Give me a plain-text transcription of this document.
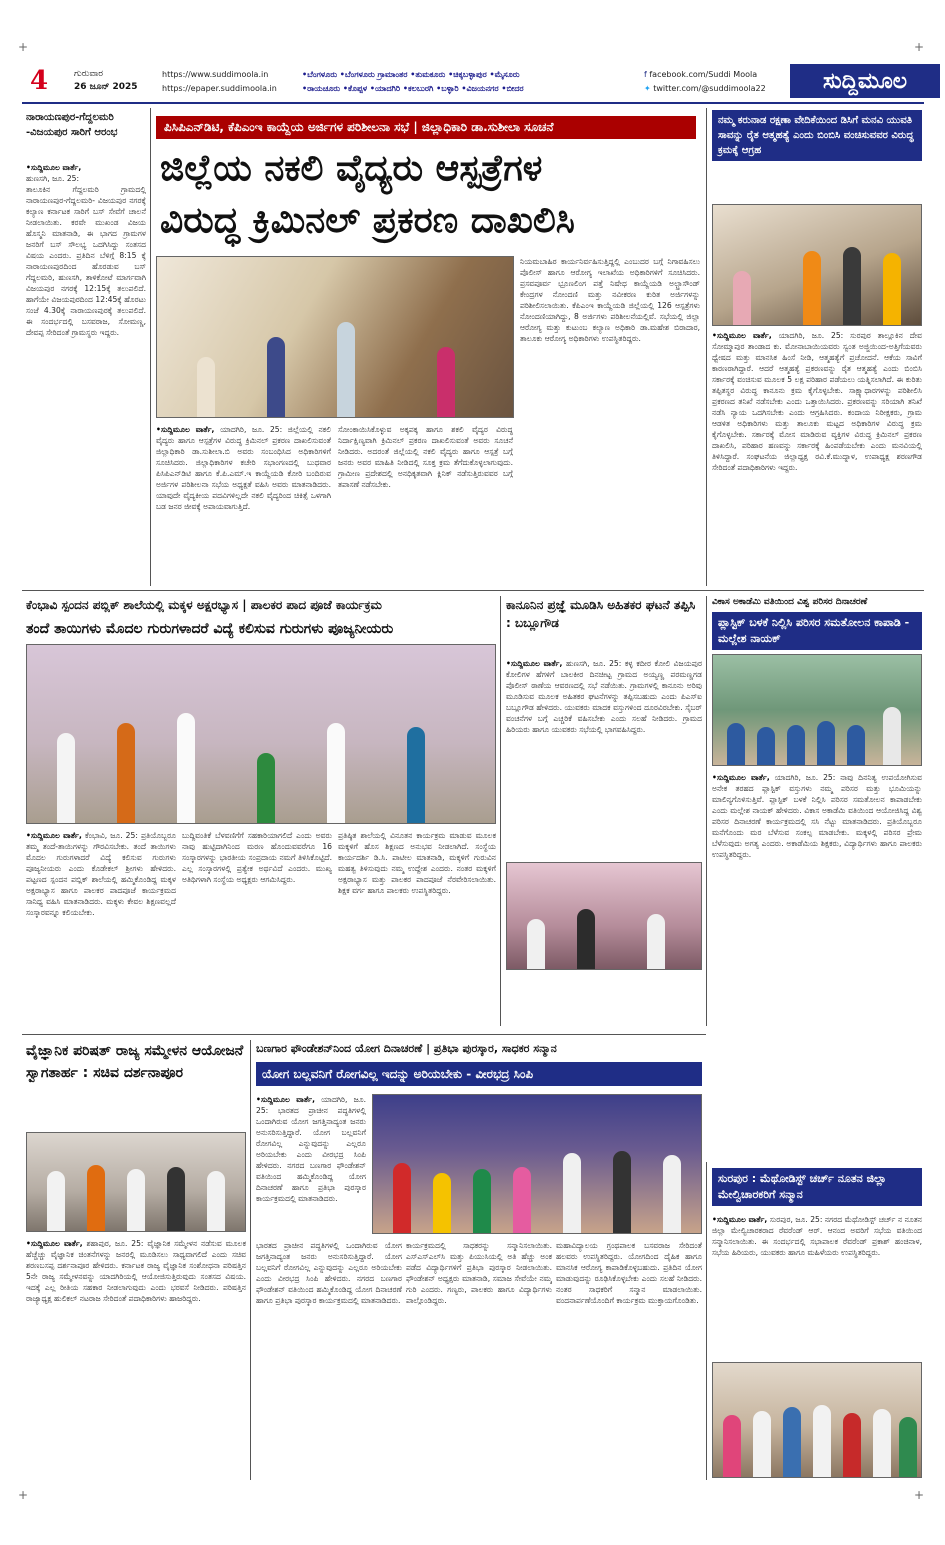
+	+
+	+
4	ಗುರುವಾರ
26 ಜೂನ್ 2025
https://www.suddimoola.in
https://epaper.suddimoola.in
•ಬೆಂಗಳೂರು •ಬೆಂಗಳೂರು ಗ್ರಾಮಾಂತರ •ತುಮಕೂರು •ಚಿಕ್ಕಬಳ್ಳಾಪುರ •ಮೈಸೂರು
•ರಾಯಚೂರು •ಕೊಪ್ಪಳ •ಯಾದಗಿರಿ •ಕಲಬುರಗಿ •ಬಳ್ಳಾರಿ •ವಿಜಯನಗರ •ಬೀದರ
f facebook.com/Suddi Moola
✦ twitter.com/@suddimoola22	ಸುದ್ದಿಮೂಲ
ನಾರಾಯಣಪುರ-ಗೆದ್ದಲಮರಿ -ವಿಜಯಪುರ ಸಾರಿಗೆ ಆರಂಭ
•ಸುದ್ದಿಮೂಲ ವಾರ್ತೆ,
ಹುಣಸಗಿ, ಜೂ. 25:
ತಾಲೂಕಿನ ಗೆದ್ದಲಮರಿ ಗ್ರಾಮದಲ್ಲಿ ನಾರಾಯಣಪುರ-ಗೆದ್ದಲಮರಿ- ವಿಜಯಪುರ ನಗರಕ್ಕೆ ಕಲ್ಯಾಣ ಕರ್ನಾಟಕ ಸಾರಿಗೆ ಬಸ್ ಸೇವೆಗೆ ಚಾಲನೆ ನೀಡಲಾಯಿತು. ಕರವೇ ಮುಖಂಡ ವಿಜಯ ಹೊಸ್ಮನಿ ಮಾತನಾಡಿ, ಈ ಭಾಗದ ಗ್ರಾಮಗಳ ಜನರಿಗೆ ಬಸ್ ಸೌಲಭ್ಯ ಒದಗಿಸಿದ್ದು ಸಂತಸದ ವಿಷಯ ಎಂದರು. ಪ್ರತಿದಿನ ಬೆಳಿಗ್ಗೆ 8:15 ಕ್ಕೆ ನಾರಾಯಣಪುರದಿಂದ ಹೊರಡುವ ಬಸ್ ಗೆದ್ದಲಮರಿ, ಹುಣಸಗಿ, ತಾಳಿಕೋಟೆ ಮಾರ್ಗವಾಗಿ ವಿಜಯಪುರ ನಗರಕ್ಕೆ 12:15ಕ್ಕೆ ತಲುಪಲಿದೆ. ಹಾಗೆಯೇ ವಿಜಯಪುರದಿಂದ 12:45ಕ್ಕೆ ಹೊರಟು ಸಂಜೆ 4.30ಕ್ಕೆ ನಾರಾಯಣಪುರಕ್ಕೆ ತಲುಪಲಿದೆ. ಈ ಸಂದರ್ಭದಲ್ಲಿ ಬಸವರಾಜ, ಸೋಮಣ್ಣ, ದೇವಪ್ಪ ಸೇರಿದಂತೆ ಗ್ರಾಮಸ್ಥರು ಇದ್ದರು.
ಪಿಸಿಪಿಎನ್‌ಡಿಟಿ, ಕೆಪಿಎಂಇ ಕಾಯ್ದೆಯ ಅರ್ಜಿಗಳ ಪರಿಶೀಲನಾ ಸಭೆ | ಜಿಲ್ಲಾಧಿಕಾರಿ ಡಾ.ಸುಶೀಲಾ ಸೂಚನೆ
ಜಿಲ್ಲೆಯ ನಕಲಿ ವೈದ್ಯರು ಆಸ್ಪತ್ರೆಗಳ
ವಿರುದ್ಧ ಕ್ರಿಮಿನಲ್ ಪ್ರಕರಣ ದಾಖಲಿಸಿ
•ಸುದ್ದಿಮೂಲ ವಾರ್ತೆ, ಯಾದಗಿರಿ, ಜೂ. 25: ಜಿಲ್ಲೆಯಲ್ಲಿ ನಕಲಿ ವೈದ್ಯರು ಹಾಗೂ ಆಸ್ಪತ್ರೆಗಳ ವಿರುದ್ಧ ಕ್ರಿಮಿನಲ್ ಪ್ರಕರಣ ದಾಖಲಿಸುವಂತೆ ಜಿಲ್ಲಾಧಿಕಾರಿ ಡಾ.ಸುಶೀಲಾ.ಬಿ ಅವರು ಸಂಬಂಧಿಸಿದ ಅಧಿಕಾರಿಗಳಿಗೆ ಸೂಚಿಸಿದರು. ಜಿಲ್ಲಾಧಿಕಾರಿಗಳ ಕಚೇರಿ ಸಭಾಂಗಣದಲ್ಲಿ ಬುಧವಾರ ಪಿಸಿಪಿಎನ್‌ಡಿಟಿ ಹಾಗೂ ಕೆ.ಪಿ.ಎಮ್.ಇ ಕಾಯ್ದೆಯಡಿ ಕೋರಿ ಬಂದಿರುವ ಅರ್ಜಿಗಳ ಪರಿಶೀಲನಾ ಸಭೆಯ ಅಧ್ಯಕ್ಷತೆ ವಹಿಸಿ ಅವರು ಮಾತನಾಡಿದರು. ಯಾವುದೇ ವೈದ್ಯಕೀಯ ಪದವಿಗಳಿಲ್ಲದೇ ನಕಲಿ ವೈದ್ಯರಿಂದ ಚಿಕಿತ್ಸೆ ಒಳಗಾಗಿ ಬಡ ಜನರ ಜೀವಕ್ಕೆ ಅಪಾಯವಾಗುತ್ತಿದೆ.
ಸೋಂಕಾಯಿಸಿಕೊಳ್ಳುವ ಅಕ್ಕಪಕ್ಕ ಹಾಗೂ ಶಕಲಿ ವೈದ್ಯರ ವಿರುದ್ಧ ನಿರ್ದಾಕ್ಷಿಣ್ಯವಾಗಿ ಕ್ರಿಮಿನಲ್ ಪ್ರಕರಣ ದಾಖಲಿಸುವಂತೆ ಅವರು ಸೂಚನೆ ನೀಡಿದರು. ಅದರಂತೆ ಜಿಲ್ಲೆಯಲ್ಲಿ ನಕಲಿ ವೈದ್ಯರು ಹಾಗೂ ಆಸ್ಪತ್ರೆ ಬಗ್ಗೆ ಜನರು ಅವರ ಮಾಹಿತಿ ನೀಡಿದಲ್ಲಿ ಸೂಕ್ತ ಕ್ರಮ ತೆಗೆದುಕೊಳ್ಳಲಾಗುವುದು. ಗ್ರಾಮೀಣ ಪ್ರದೇಶದಲ್ಲಿ ಅನಧಿಕೃತವಾಗಿ ಕ್ಲಿನಿಕ್ ನಡೆಸುತ್ತಿರುವವರ ಬಗ್ಗೆ ತಪಾಸಣೆ ನಡೆಸಬೇಕು.
ನಿಯಮಬಾಹಿರ ಕಾರ್ಯನಿರ್ವಹಿಸುತ್ತಿದ್ದಲ್ಲಿ ಎಂಬುದರ ಬಗ್ಗೆ ನಿಗಾವಹಿಸಲು ಪೊಲೀಸ್ ಹಾಗೂ ಆರೋಗ್ಯ ಇಲಾಖೆಯ ಅಧಿಕಾರಿಗಳಿಗೆ ಸೂಚಿಸಿದರು. ಪ್ರಸವಪೂರ್ವ ಭ್ರೂಣಲಿಂಗ ಪತ್ತೆ ನಿಷೇಧ ಕಾಯ್ದೆಯಡಿ ಅಲ್ಟ್ರಾಸೌಂಡ್ ಕೇಂದ್ರಗಳ ನೋಂದಣಿ ಮತ್ತು ನವೀಕರಣ ಕುರಿತ ಅರ್ಜಿಗಳನ್ನು ಪರಿಶೀಲಿಸಲಾಯಿತು. ಕೆಪಿಎಂಇ ಕಾಯ್ದೆಯಡಿ ಜಿಲ್ಲೆಯಲ್ಲಿ 126 ಆಸ್ಪತ್ರೆಗಳು ನೋಂದಣಿಯಾಗಿದ್ದು, 8 ಅರ್ಜಿಗಳು ಪರಿಶೀಲನೆಯಲ್ಲಿವೆ. ಸಭೆಯಲ್ಲಿ ಜಿಲ್ಲಾ ಆರೋಗ್ಯ ಮತ್ತು ಕುಟುಂಬ ಕಲ್ಯಾಣ ಅಧಿಕಾರಿ ಡಾ.ಮಹೇಶ ಬಿರಾದಾರ, ತಾಲೂಕು ಆರೋಗ್ಯ ಅಧಿಕಾರಿಗಳು ಉಪಸ್ಥಿತರಿದ್ದರು.
ನಮ್ಮ ಕರುನಾಡ ರಕ್ಷಣಾ ವೇದಿಕೆಯಿಂದ ಡಿಸಿಗೆ ಮನವಿ ಯುವತಿ ಸಾವನ್ನು ರೈತ ಆತ್ಮಹತ್ಯೆ ಎಂದು ಬಿಂಬಿಸಿ ವಂಚಿಸುವವರ ವಿರುದ್ಧ ಕ್ರಮಕ್ಕೆ ಆಗ್ರಹ
•ಸುದ್ದಿಮೂಲ ವಾರ್ತೆ, ಯಾದಗಿರಿ, ಜೂ. 25: ಸುರಪುರ ತಾಲ್ಲೂಕಿನ ದೇವ ಸೋಮ್ಮಾಪುರ ತಾಂಡಾದ ಕು. ಮೋನಾಬಾಯಿಯವರು ಸ್ವಂತ ಅಜ್ಜಿಯಿಂದ-ಅತ್ತಿಗೆಯವರು ಧ್ವೇಷದ ಮತ್ತು ಮಾನಸಿಕ ಹಿಂಸೆ ನೀಡಿ, ಆತ್ಮಹತ್ಯೆಗೆ ಪ್ರಚೋದನೆ. ಆಕೆಯ ಸಾವಿಗೆ ಕಾರಣರಾಗಿದ್ದಾರೆ. ಆದರೆ ಆತ್ಮಹತ್ಯೆ ಪ್ರಕರಣವನ್ನು ರೈತ ಆತ್ಮಹತ್ಯೆ ಎಂದು ಬಿಂಬಿಸಿ ಸರ್ಕಾರಕ್ಕೆ ವಂಚಿಸುವ ಮೂಲಕ 5 ಲಕ್ಷ ಪರಿಹಾರ ಪಡೆಯಲು ಯತ್ನಿಸಲಾಗಿದೆ. ಈ ಕುರಿತು ತಪ್ಪಿತಸ್ಥರ ವಿರುದ್ಧ ಕಾನೂನು ಕ್ರಮ ಕೈಗೊಳ್ಳಬೇಕು. ಸಾಕ್ಷ್ಯಾಧಾರಗಳನ್ನು ಪರಿಶೀಲಿಸಿ ಪ್ರಕರಣದ ತನಿಖೆ ನಡೆಸಬೇಕು ಎಂದು ಒತ್ತಾಯಿಸಿದರು. ಪ್ರಕರಣವನ್ನು ಸರಿಯಾಗಿ ತನಿಖೆ ನಡೆಸಿ ನ್ಯಾಯ ಒದಗಿಸಬೇಕು ಎಂದು ಆಗ್ರಹಿಸಿದರು. ಕಂದಾಯ ನಿರೀಕ್ಷಕರು, ಗ್ರಾಮ ಆಡಳಿತ ಅಧಿಕಾರಿಗಳು ಮತ್ತು ತಾಲೂಕು ಮಟ್ಟದ ಅಧಿಕಾರಿಗಳ ವಿರುದ್ಧ ಕ್ರಮ ಕೈಗೊಳ್ಳಬೇಕು. ಸರ್ಕಾರಕ್ಕೆ ಮೋಸ ಮಾಡಿರುವ ವ್ಯಕ್ತಿಗಳ ವಿರುದ್ಧ ಕ್ರಿಮಿನಲ್ ಪ್ರಕರಣ ದಾಖಲಿಸಿ, ಪರಿಹಾರ ಹಣವನ್ನು ಸರ್ಕಾರಕ್ಕೆ ಹಿಂಪಡೆಯಬೇಕು ಎಂದು ಮನವಿಯಲ್ಲಿ ತಿಳಿಸಿದ್ದಾರೆ. ಸಂಘಟನೆಯ ಜಿಲ್ಲಾಧ್ಯಕ್ಷ ರವಿ.ಕೆ.ಮುದ್ನಾಳ, ಉಪಾಧ್ಯಕ್ಷ ಶರಣಗೌಡ ಸೇರಿದಂತೆ ಪದಾಧಿಕಾರಿಗಳು ಇದ್ದರು.
ಕೆಂಭಾವಿ ಸ್ಪಂದನ ಪಬ್ಲಿಕ್ ಶಾಲೆಯಲ್ಲಿ ಮಕ್ಕಳ ಅಕ್ಷರಭ್ಯಾಸ | ಪಾಲಕರ ಪಾದ ಪೂಜೆ ಕಾರ್ಯಕ್ರಮ
ತಂದೆ ತಾಯಿಗಳು ಮೊದಲ ಗುರುಗಳಾದರೆ ವಿದ್ಯೆ ಕಲಿಸುವ ಗುರುಗಳು ಪೂಜ್ಯನೀಯರು
•ಸುದ್ದಿಮೂಲ ವಾರ್ತೆ, ಕೆಂಭಾವಿ, ಜೂ. 25: ಪ್ರತಿಯೊಬ್ಬರೂ ತಮ್ಮ ತಂದೆ-ತಾಯಿಗಳನ್ನು ಗೌರವಿಸಬೇಕು. ತಂದೆ ತಾಯಿಗಳು ಮೊದಲ ಗುರುಗಳಾದರೆ ವಿದ್ಯೆ ಕಲಿಸುವ ಗುರುಗಳು ಪೂಜ್ಯನೀಯರು ಎಂದು ಕೊಡೇಕಲ್ ಶ್ರೀಗಳು ಹೇಳಿದರು. ಪಟ್ಟಣದ ಸ್ಪಂದನ ಪಬ್ಲಿಕ್ ಶಾಲೆಯಲ್ಲಿ ಹಮ್ಮಿಕೊಂಡಿದ್ದ ಮಕ್ಕಳ ಅಕ್ಷರಾಭ್ಯಾಸ ಹಾಗೂ ಪಾಲಕರ ಪಾದಪೂಜೆ ಕಾರ್ಯಕ್ರಮದ ಸಾನಿಧ್ಯ ವಹಿಸಿ ಮಾತನಾಡಿದರು. ಮಕ್ಕಳು ಕೇವಲ ಶಿಕ್ಷಣವಲ್ಲದೆ ಸಂಸ್ಕಾರವನ್ನೂ ಕಲಿಯಬೇಕು.
ಬುದ್ದಿವಂತಿಕೆ ಬೆಳವಣಿಗೆಗೆ ಸಹಕಾರಿಯಾಗಲಿದೆ ಎಂದು ಅವರು ನಾವು ಹುಟ್ಟಿದಾಗಿನಿಂದ ಮರಣ ಹೊಂದುವವರೆಗೂ 16 ಸಂಸ್ಕಾರಗಳನ್ನು ಭಾರತೀಯ ಸಂಪ್ರದಾಯ ನಮಗೆ ತಿಳಿಸಿಕೊಟ್ಟಿದೆ. ಎಲ್ಲ ಸಂಸ್ಕಾರಗಳಲ್ಲಿ ಪ್ರತ್ಯೇಕ ಅರ್ಥವಿದೆ ಎಂದರು. ಮುಖ್ಯ ಅತಿಥಿಗಳಾಗಿ ಸಂಸ್ಥೆಯ ಅಧ್ಯಕ್ಷರು ಆಗಮಿಸಿದ್ದರು.
ಪ್ರತಿಷ್ಠಿತ ಶಾಲೆಯಲ್ಲಿ ವಿನೂತನ ಕಾರ್ಯಕ್ರಮ ಮಾಡುವ ಮೂಲಕ ಮಕ್ಕಳಿಗೆ ಹೊಸ ಶಿಕ್ಷಣದ ಅನುಭವ ನೀಡಲಾಗಿದೆ. ಸಂಸ್ಥೆಯ ಕಾರ್ಯದರ್ಶಿ ಡಿ.ಸಿ. ಪಾಟೀಲ ಮಾತನಾಡಿ, ಮಕ್ಕಳಿಗೆ ಗುರುವಿನ ಮಹತ್ವ ತಿಳಿಸುವುದು ನಮ್ಮ ಉದ್ದೇಶ ಎಂದರು. ನಂತರ ಮಕ್ಕಳಿಗೆ ಅಕ್ಷರಾಭ್ಯಾಸ ಮತ್ತು ಪಾಲಕರ ಪಾದಪೂಜೆ ನೆರವೇರಿಸಲಾಯಿತು. ಶಿಕ್ಷಕ ವರ್ಗ ಹಾಗೂ ಪಾಲಕರು ಉಪಸ್ಥಿತರಿದ್ದರು.
ಕಾನೂನಿನ ಪ್ರಜ್ಞೆ ಮೂಡಿಸಿ ಅಹಿತಕರ ಘಟನೆ ತಪ್ಪಿಸಿ : ಬಬ್ಲೂಗೌಡ
•ಸುದ್ದಿಮೂಲ ವಾರ್ತೆ, ಹುಣಸಗಿ, ಜೂ. 25: ಕಳ್ಳ ಕದೀರ ಕೋಲಿ ವಿಜಯಪುರ ಕೋಲಿಗಳ ಹೆಗಳಿಗೆ ಬಾಲಕೀರ ದಿನಚೀಟ್ಟ ಗ್ರಾಮದ ಅಯ್ಯಣ್ಣ ಪರಮಣ್ಣಗಡ ಪೊಲೀಸ್ ಠಾಣೆಯ ಆವರಣದಲ್ಲಿ ಸಭೆ ನಡೆಯಿತು. ಗ್ರಾಮಗಳಲ್ಲಿ ಕಾನೂನು ಅರಿವು ಮೂಡಿಸುವ ಮೂಲಕ ಅಹಿತಕರ ಘಟನೆಗಳನ್ನು ತಪ್ಪಿಸಬಹುದು ಎಂದು ಪಿಎಸ್ಐ ಬಬ್ಲೂಗೌಡ ಹೇಳಿದರು. ಯುವಕರು ಮಾದಕ ವಸ್ತುಗಳಿಂದ ದೂರವಿರಬೇಕು. ಸೈಬರ್ ವಂಚನೆಗಳ ಬಗ್ಗೆ ಎಚ್ಚರಿಕೆ ವಹಿಸಬೇಕು ಎಂದು ಸಲಹೆ ನೀಡಿದರು. ಗ್ರಾಮದ ಹಿರಿಯರು ಹಾಗೂ ಯುವಕರು ಸಭೆಯಲ್ಲಿ ಭಾಗವಹಿಸಿದ್ದರು.
ವಿಕಾಸ ಅಕಾಡೆಮಿ ವತಿಯಿಂದ ವಿಶ್ವ ಪರಿಸರ ದಿನಾಚರಣೆ
ಪ್ಲಾಸ್ಟಿಕ್ ಬಳಕೆ ನಿಲ್ಲಿಸಿ ಪರಿಸರ ಸಮತೋಲನ ಕಾಪಾಡಿ - ಮಲ್ಲೇಶ ನಾಯಕ್
•ಸುದ್ದಿಮೂಲ ವಾರ್ತೆ, ಯಾದಗಿರಿ, ಜೂ. 25: ನಾವು ದಿನನಿತ್ಯ ಉಪಯೋಗಿಸುವ ಅನೇಕ ತರಹದ ಪ್ಲಾಸ್ಟಿಕ್ ವಸ್ತುಗಳು ನಮ್ಮ ಪರಿಸರ ಮತ್ತು ಭೂಮಿಯನ್ನು ಮಾಲಿನ್ಯಗೊಳಿಸುತ್ತಿವೆ. ಪ್ಲಾಸ್ಟಿಕ್ ಬಳಕೆ ನಿಲ್ಲಿಸಿ ಪರಿಸರ ಸಮತೋಲನ ಕಾಪಾಡಬೇಕು ಎಂದು ಮಲ್ಲೇಶ ನಾಯಕ್ ಹೇಳಿದರು. ವಿಕಾಸ ಅಕಾಡೆಮಿ ವತಿಯಿಂದ ಆಯೋಜಿಸಿದ್ದ ವಿಶ್ವ ಪರಿಸರ ದಿನಾಚರಣೆ ಕಾರ್ಯಕ್ರಮದಲ್ಲಿ ಸಸಿ ನೆಟ್ಟು ಮಾತನಾಡಿದರು. ಪ್ರತಿಯೊಬ್ಬರೂ ಮನೆಗೊಂದು ಮರ ಬೆಳೆಸುವ ಸಂಕಲ್ಪ ಮಾಡಬೇಕು. ಮಕ್ಕಳಲ್ಲಿ ಪರಿಸರ ಪ್ರೇಮ ಬೆಳೆಸುವುದು ಅಗತ್ಯ ಎಂದರು. ಅಕಾಡೆಮಿಯ ಶಿಕ್ಷಕರು, ವಿದ್ಯಾರ್ಥಿಗಳು ಹಾಗೂ ಪಾಲಕರು ಉಪಸ್ಥಿತರಿದ್ದರು.
ವೈಜ್ಞಾನಿಕ ಪರಿಷತ್ ರಾಜ್ಯ ಸಮ್ಮೇಳನ ಆಯೋಜನೆ ಸ್ವಾಗತಾರ್ಹ : ಸಚಿವ ದರ್ಶನಾಪೂರ
•ಸುದ್ದಿಮೂಲ ವಾರ್ತೆ, ಶಹಾಪುರ, ಜೂ. 25: ವೈಜ್ಞಾನಿಕ ಸಮ್ಮೇಳನ ನಡೆಸುವ ಮೂಲಕ ಹೆಚ್ಚೆಚ್ಚು ವೈಜ್ಞಾನಿಕ ಚಿಂತನೆಗಳನ್ನು ಜನರಲ್ಲಿ ಮೂಡಿಸಲು ಸಾಧ್ಯವಾಗಲಿದೆ ಎಂದು ಸಚಿವ ಶರಣಬಸಪ್ಪ ದರ್ಶನಾಪೂರ ಹೇಳಿದರು. ಕರ್ನಾಟಕ ರಾಜ್ಯ ವೈಜ್ಞಾನಿಕ ಸಂಶೋಧನಾ ಪರಿಷತ್ತಿನ 5ನೇ ರಾಜ್ಯ ಸಮ್ಮೇಳನವನ್ನು ಯಾದಗಿರಿಯಲ್ಲಿ ಆಯೋಜಿಸುತ್ತಿರುವುದು ಸಂತಸದ ವಿಷಯ. ಇದಕ್ಕೆ ಎಲ್ಲ ರೀತಿಯ ಸಹಕಾರ ನೀಡಲಾಗುವುದು ಎಂದು ಭರವಸೆ ನೀಡಿದರು. ಪರಿಷತ್ತಿನ ರಾಜ್ಯಾಧ್ಯಕ್ಷ ಹುಲಿಕಲ್ ನಟರಾಜ ಸೇರಿದಂತೆ ಪದಾಧಿಕಾರಿಗಳು ಹಾಜರಿದ್ದರು.
ಬಣಗಾರ ಫೌಂಡೇಶನ್‌ನಿಂದ ಯೋಗ ದಿನಾಚರಣೆ | ಪ್ರತಿಭಾ ಪುರಸ್ಕಾರ, ಸಾಧಕರ ಸನ್ಮಾನ
ಯೋಗ ಬಲ್ಲವನಿಗೆ ರೋಗವಿಲ್ಲ ಇದನ್ನು ಅರಿಯಬೇಕು - ವೀರಭದ್ರ ಸಿಂಪಿ
•ಸುದ್ದಿಮೂಲ ವಾರ್ತೆ, ಯಾದಗಿರಿ, ಜೂ. 25: ಭಾರತದ ಪ್ರಾಚೀನ ಪದ್ಧತಿಗಳಲ್ಲಿ ಒಂದಾಗಿರುವ ಯೋಗ ಜಗತ್ತಿನಾದ್ಯಂತ ಜನರು ಅನುಸರಿಸುತ್ತಿದ್ದಾರೆ. ಯೋಗ ಬಲ್ಲವನಿಗೆ ರೋಗವಿಲ್ಲ ಎನ್ನುವುದನ್ನು ಎಲ್ಲರೂ ಅರಿಯಬೇಕು ಎಂದು ವೀರಭದ್ರ ಸಿಂಪಿ ಹೇಳಿದರು. ನಗರದ ಬಣಗಾರ ಫೌಂಡೇಶನ್ ವತಿಯಿಂದ ಹಮ್ಮಿಕೊಂಡಿದ್ದ ಯೋಗ ದಿನಾಚರಣೆ ಹಾಗೂ ಪ್ರತಿಭಾ ಪುರಸ್ಕಾರ ಕಾರ್ಯಕ್ರಮದಲ್ಲಿ ಮಾತನಾಡಿದರು.
ಭಾರತದ ಪ್ರಾಚೀನ ಪದ್ಧತಿಗಳಲ್ಲಿ ಒಂದಾಗಿರುವ ಯೋಗ ಜಗತ್ತಿನಾದ್ಯಂತ ಜನರು ಅನುಸರಿಸುತ್ತಿದ್ದಾರೆ. ಯೋಗ ಬಲ್ಲವನಿಗೆ ರೋಗವಿಲ್ಲ ಎನ್ನುವುದನ್ನು ಎಲ್ಲರೂ ಅರಿಯಬೇಕು ಎಂದು ವೀರಭದ್ರ ಸಿಂಪಿ ಹೇಳಿದರು. ನಗರದ ಬಣಗಾರ ಫೌಂಡೇಶನ್ ವತಿಯಿಂದ ಹಮ್ಮಿಕೊಂಡಿದ್ದ ಯೋಗ ದಿನಾಚರಣೆ ಹಾಗೂ ಪ್ರತಿಭಾ ಪುರಸ್ಕಾರ ಕಾರ್ಯಕ್ರಮದಲ್ಲಿ ಮಾತನಾಡಿದರು.
ಕಾರ್ಯಕ್ರಮದಲ್ಲಿ ಸಾಧಕರನ್ನು ಸನ್ಮಾನಿಸಲಾಯಿತು. ಎಸ್ಎಸ್ಎಲ್‌ಸಿ ಮತ್ತು ಪಿಯುಸಿಯಲ್ಲಿ ಅತಿ ಹೆಚ್ಚು ಅಂಕ ಪಡೆದ ವಿದ್ಯಾರ್ಥಿಗಳಿಗೆ ಪ್ರತಿಭಾ ಪುರಸ್ಕಾರ ನೀಡಲಾಯಿತು. ಫೌಂಡೇಶನ್ ಅಧ್ಯಕ್ಷರು ಮಾತನಾಡಿ, ಸಮಾಜ ಸೇವೆಯೇ ನಮ್ಮ ಗುರಿ ಎಂದರು. ಗಣ್ಯರು, ಪಾಲಕರು ಹಾಗೂ ವಿದ್ಯಾರ್ಥಿಗಳು ಪಾಲ್ಗೊಂಡಿದ್ದರು.
ಮಹಾವಿದ್ಯಾಲಯ ಗ್ರಂಥಪಾಲಕ ಬಸವರಾಜ ಸೇರಿದಂತೆ ಹಲವರು ಉಪಸ್ಥಿತರಿದ್ದರು. ಯೋಗದಿಂದ ದೈಹಿಕ ಹಾಗೂ ಮಾನಸಿಕ ಆರೋಗ್ಯ ಕಾಪಾಡಿಕೊಳ್ಳಬಹುದು. ಪ್ರತಿದಿನ ಯೋಗ ಮಾಡುವುದನ್ನು ರೂಢಿಸಿಕೊಳ್ಳಬೇಕು ಎಂದು ಸಲಹೆ ನೀಡಿದರು. ನಂತರ ಸಾಧಕರಿಗೆ ಸನ್ಮಾನ ಮಾಡಲಾಯಿತು. ವಂದನಾರ್ಪಣೆಯೊಂದಿಗೆ ಕಾರ್ಯಕ್ರಮ ಮುಕ್ತಾಯಗೊಂಡಿತು.
ಸುರಪುರ : ಮೆಥೋಡಿಸ್ಟ್ ಚರ್ಚ್ ನೂತನ ಜಿಲ್ಲಾ ಮೇಲ್ವಿಚಾರಕರಿಗೆ ಸನ್ಮಾನ
•ಸುದ್ದಿಮೂಲ ವಾರ್ತೆ, ಸುರಪುರ, ಜೂ. 25: ನಗರದ ಮೆಥೋಡಿಸ್ಟ್ ಚರ್ಚ್ ನ ನೂತನ ಜಿಲ್ಲಾ ಮೇಲ್ವಿಚಾರಕರಾದ ರೆವರೆಂಡ್ ಆರ್. ಆನಂದ ಅವರಿಗೆ ಸಭೆಯ ವತಿಯಿಂದ ಸನ್ಮಾನಿಸಲಾಯಿತು. ಈ ಸಂದರ್ಭದಲ್ಲಿ ಸಭಾಪಾಲಕ ರೆವರೆಂಡ್ ಪ್ರಕಾಶ್ ಹಂಚಿನಾಳ, ಸಭೆಯ ಹಿರಿಯರು, ಯುವಕರು ಹಾಗೂ ಮಹಿಳೆಯರು ಉಪಸ್ಥಿತರಿದ್ದರು.
